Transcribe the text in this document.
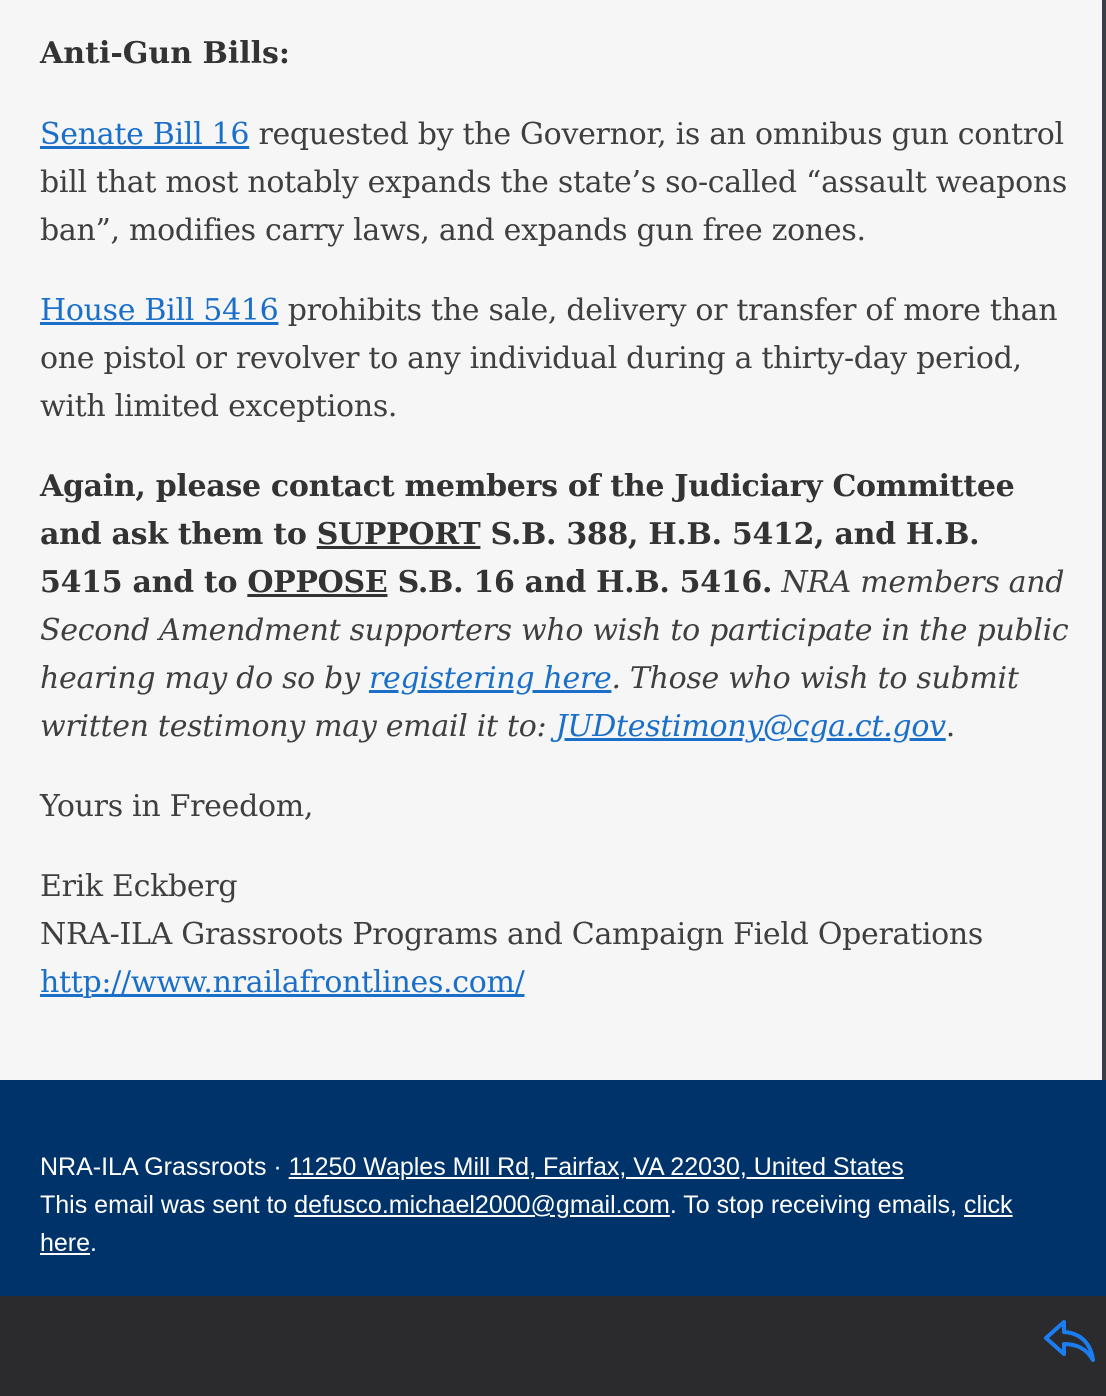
Anti-Gun Bills:

Senate Bill 16 requested by the Governor, is an omnibus gun control bill that most notably expands the state’s so-called “assault weapons ban”, modifies carry laws, and expands gun free zones.

House Bill 5416 prohibits the sale, delivery or transfer of more than one pistol or revolver to any individual during a thirty-day period, with limited exceptions.

Again, please contact members of the Judiciary Committee and ask them to SUPPORT S.B. 388, H.B. 5412, and H.B. 5415 and to OPPOSE S.B. 16 and H.B. 5416. NRA members and Second Amendment supporters who wish to participate in the public hearing may do so by registering here. Those who wish to submit written testimony may email it to: JUDtestimony@cga.ct.gov.

Yours in Freedom,

Erik Eckberg
NRA-ILA Grassroots Programs and Campaign Field Operations
http://www.nrailafrontlines.com/

NRA-ILA Grassroots · 11250 Waples Mill Rd, Fairfax, VA 22030, United States
This email was sent to defusco.michael2000@gmail.com. To stop receiving emails, click here.
